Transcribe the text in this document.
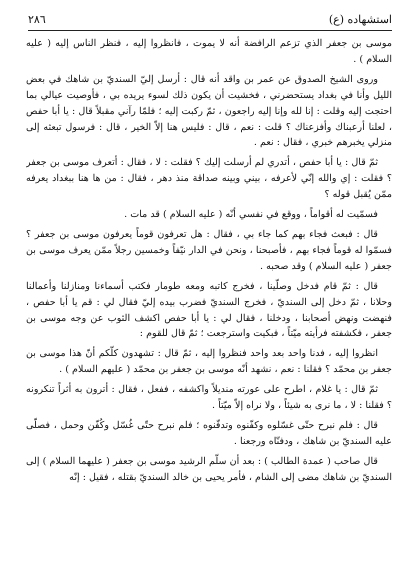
استشهاده (ع)
٢٨٦

موسى بن جعفر الذي تزعم الرافضة أنه لا يموت ، فانظروا إليه ، فنظر الناس إليه ( عليه السلام ) .

وروى الشيخ الصدوق عن عمر بن واقد أنه قال : أرسل إليّ السنديّ بن شاهك في بعض الليل وأنا في بغداد يستحضرني ، فخشيت أن يكون ذلك لسوء يريده بي ، فأوصيت عيالي بما احتجت إليه وقلت : إنا لله وإنا إليه راجعون ، ثمّ ركبت إليه ؛ فلمّا رآني مقبلاً قال : يا أبا حفص ، لعلنا أرعبناك وأفزعناك ؟ قلت : نعم ، قال : فليس هنا إلاّ الخير ، قال : فرسول تبعثه إلى منزلي يخبرهم خبري ، فقال : نعم .

ثمّ قال : يا أبا حفص ، أتدري لم أرسلت إليك ؟ فقلت : لا ، فقال : أتعرف موسى بن جعفر ؟ فقلت : إي والله إنّي لأعرفه ، بيني وبينه صداقة منذ دهر ، فقال : من ها هنا ببغداد يعرفه ممّن يُقبل قوله ؟

فسمّيت له أقواماً ، ووقع في نفسي أنّه ( عليه السلام ) قد مات .

قال : فبعث فجاء بهم كما جاء بي ، فقال : هل تعرفون قوماً يعرفون موسى بن جعفر ؟ فسمّوا له قوماً فجاء بهم ، فأصبحنا ، ونحن في الدار نيّفاً وخمسين رجلاً ممّن يعرف موسى بن جعفر ( عليه السلام ) وقد صحبه .

قال : ثمّ قام فدخل وصلّينا ، فخرج كاتبه ومعه طومار فكتب أسماءنا ومنازلنا وأعمالنا وحلانا ، ثمّ دخل إلى السنديّ ، فخرج السنديّ فضرب بيده إليّ فقال لي : قم يا أبا حفص ، فنهضت ونهض أصحابنا ، ودخلنا ، فقال لي : يا أبا حفص اكشف الثوب عن وجه موسى بن جعفر ، فكشفته فرأيته ميّتاً ، فبكيت واسترجعت ؛ ثمّ قال للقوم :

انظروا إليه ، فدنا واحد بعد واحد فنظروا إليه ، ثمّ قال : تشهدون كلّكم أنّ هذا موسى بن جعفر بن محمّد ؟ فقلنا : نعم ، نشهد أنّه موسى بن جعفر بن محمّد ( عليهم السلام ) .

ثمّ قال : يا غلام ، اطرح على عورته منديلاً واكشفه ، ففعل ، فقال : أترون به أثراً تنكرونه ؟ فقلنا : لا ، ما نرى به شيئاً ، ولا نراه إلاّ ميّتاً .

قال : فلم نبرح حتّى غسّلوه وكفّنوه وتدفّنوه ؛ فلم نبرح حتّى غُسّل وكُفّن وحمل ، فصلّى عليه السنديّ بن شاهك ، ودفنّاه ورجعنا .

قال صاحب ( عمدة الطالب ) : بعد أن سلّم الرشيد موسى بن جعفر ( عليهما السلام ) إلى السنديّ بن شاهك مضى إلى الشام ، فأمر يحيى بن خالد السنديّ بقتله ، فقيل : إنّه
